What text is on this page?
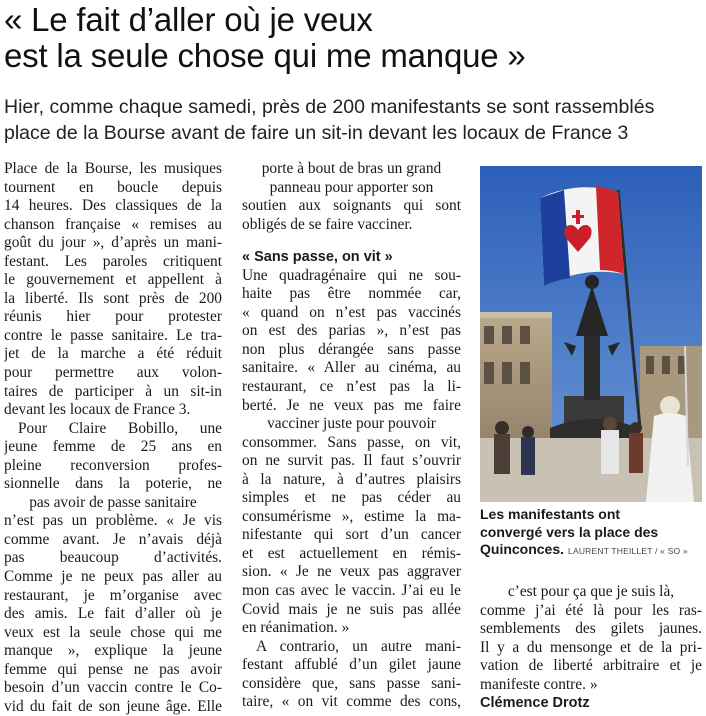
« Le fait d’aller où je veux
est la seule chose qui me manque »
Hier, comme chaque samedi, près de 200 manifestants se sont rassemblés
place de la Bourse avant de faire un sit-in devant les locaux de France 3
Place de la Bourse, les musiques
tournent en boucle depuis
14 heures. Des classiques de la
chanson française « remises au
goût du jour », d’après un mani-
festant. Les paroles critiquent
le gouvernement et appellent à
la liberté. Ils sont près de 200
réunis hier pour protester
contre le passe sanitaire. Le tra-
jet de la marche a été réduit
pour permettre aux volon-
taires de participer à un sit-in
devant les locaux de France 3.
Pour Claire Bobillo, une
jeune femme de 25 ans en
pleine reconversion profes-
sionnelle dans la poterie, ne
pas avoir de passe sanitaire
n’est pas un problème. « Je vis
comme avant. Je n’avais déjà
pas beaucoup d’activités.
Comme je ne peux pas aller au
restaurant, je m’organise avec
des amis. Le fait d’aller où je
veux est la seule chose qui me
manque », explique la jeune
femme qui pense ne pas avoir
besoin d’un vaccin contre le Co-
vid du fait de son jeune âge. Elle
porte à bout de bras un grand
panneau pour apporter son
soutien aux soignants qui sont
obligés de se faire vacciner.
« Sans passe, on vit »
Une quadragénaire qui ne sou-
haite pas être nommée car,
« quand on n’est pas vaccinés
on est des parias », n’est pas
non plus dérangée sans passe
sanitaire. « Aller au cinéma, au
restaurant, ce n’est pas la li-
berté. Je ne veux pas me faire
vacciner juste pour pouvoir
consommer. Sans passe, on vit,
on ne survit pas. Il faut s’ouvrir
à la nature, à d’autres plaisirs
simples et ne pas céder au
consumérisme », estime la ma-
nifestante qui sort d’un cancer
et est actuellement en rémis-
sion. « Je ne veux pas aggraver
mon cas avec le vaccin. J’ai eu le
Covid mais je ne suis pas allée
en réanimation. »
A contrario, un autre mani-
festant affublé d’un gilet jaune
considère que, sans passe sani-
taire, « on vit comme des cons,
Les manifestants ont
convergé vers la place des
Quinconces. LAURENT THEILLET / « SO »
c’est pour ça que je suis là,
comme j’ai été là pour les ras-
semblements des gilets jaunes.
Il y a du mensonge et de la pri-
vation de liberté arbitraire et je
manifeste contre. »
Clémence Drotz
